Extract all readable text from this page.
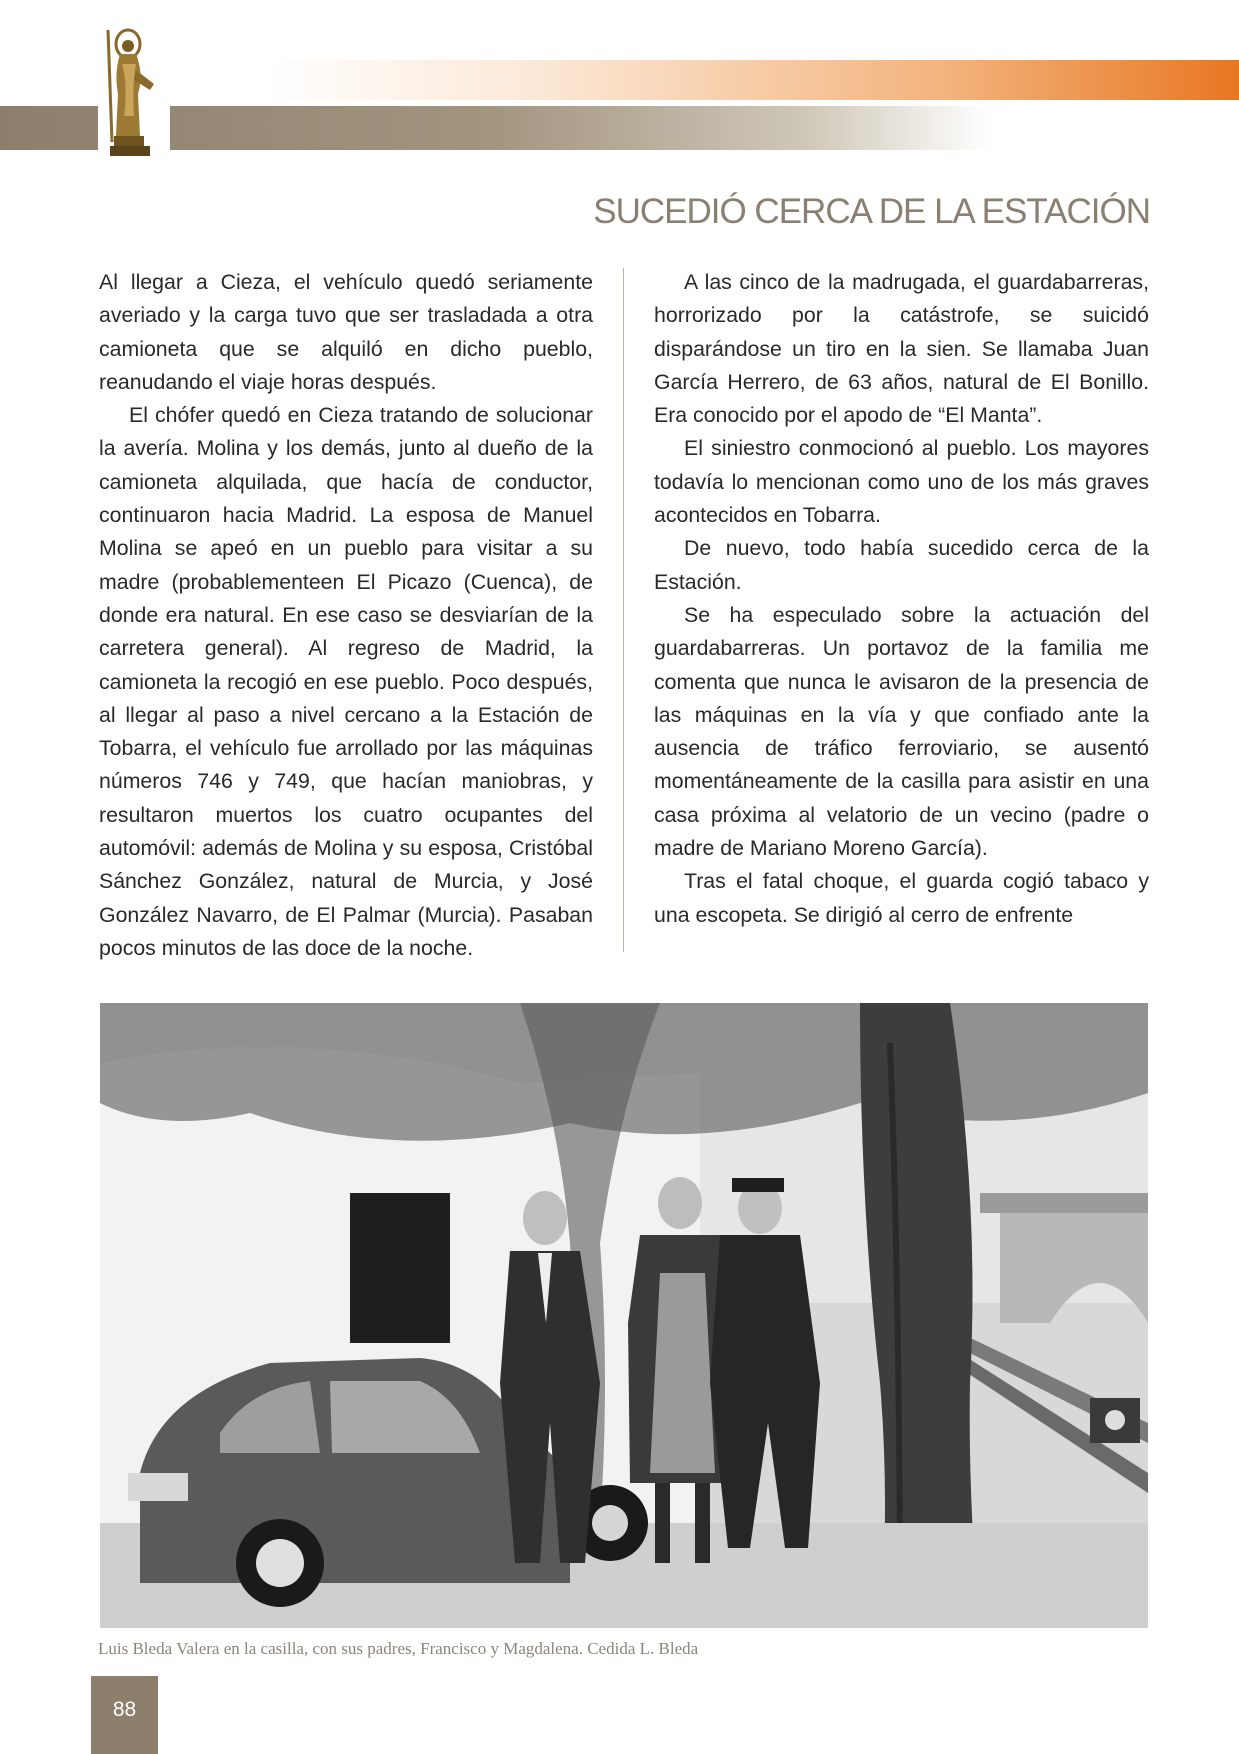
SUCEDIÓ CERCA DE LA ESTACIÓN

Al llegar a Cieza, el vehículo quedó seriamente averiado y la carga tuvo que ser trasladada a otra camioneta que se alquiló en dicho pueblo, reanudando el viaje horas después.

El chófer quedó en Cieza tratando de solucionar la avería. Molina y los demás, junto al dueño de la camioneta alquilada, que hacía de conductor, continuaron hacia Madrid. La esposa de Manuel Molina se apeó en un pueblo para visitar a su madre (probablementeen El Picazo (Cuenca), de donde era natural. En ese caso se desviarían de la carretera general). Al regreso de Madrid, la camioneta la recogió en ese pueblo. Poco después, al llegar al paso a nivel cercano a la Estación de Tobarra, el vehículo fue arrollado por las máquinas números 746 y 749, que hacían maniobras, y resultaron muertos los cuatro ocupantes del automóvil: además de Molina y su esposa, Cristóbal Sánchez González, natural de Murcia, y José González Navarro, de El Palmar (Murcia). Pasaban pocos minutos de las doce de la noche.

A las cinco de la madrugada, el guardabarreras, horrorizado por la catástrofe, se suicidó disparándose un tiro en la sien. Se llamaba Juan García Herrero, de 63 años, natural de El Bonillo. Era conocido por el apodo de “El Manta”.

El siniestro conmocionó al pueblo. Los mayores todavía lo mencionan como uno de los más graves acontecidos en Tobarra.

De nuevo, todo había sucedido cerca de la Estación.

Se ha especulado sobre la actuación del guardabarreras. Un portavoz de la familia me comenta que nunca le avisaron de la presencia de las máquinas en la vía y que confiado ante la ausencia de tráfico ferroviario, se ausentó momentáneamente de la casilla para asistir en una casa próxima al velatorio de un vecino (padre o madre de Mariano Moreno García).

Tras el fatal choque, el guarda cogió tabaco y una escopeta. Se dirigió al cerro de enfrente

Luis Bleda Valera en la casilla, con sus padres, Francisco y Magdalena. Cedida L. Bleda

88
